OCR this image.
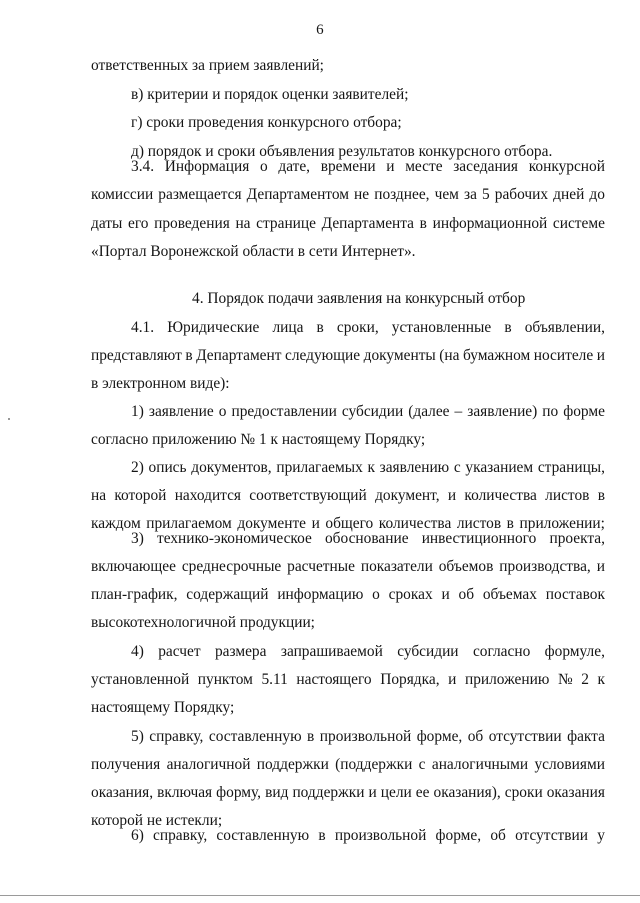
6
ответственных за прием заявлений;
в) критерии и порядок оценки заявителей;
г) сроки проведения конкурсного отбора;
д) порядок и сроки объявления результатов конкурсного отбора.
3.4. Информация о дате, времени и месте заседания конкурсной
комиссии размещается Департаментом не позднее, чем за 5 рабочих дней до
даты его проведения на странице Департамента в информационной системе
«Портал Воронежской области в сети Интернет».
4. Порядок подачи заявления на конкурсный отбор
4.1. Юридические лица в сроки, установленные в объявлении,
представляют в Департамент следующие документы (на бумажном носителе и
в электронном виде):
1) заявление о предоставлении субсидии (далее – заявление) по форме
согласно приложению № 1 к настоящему Порядку;
2) опись документов, прилагаемых к заявлению с указанием страницы,
на которой находится соответствующий документ, и количества листов в
каждом прилагаемом документе и общего количества листов в приложении;
3) технико-экономическое обоснование инвестиционного проекта,
включающее среднесрочные расчетные показатели объемов производства, и
план-график, содержащий информацию о сроках и об объемах поставок
высокотехнологичной продукции;
4) расчет размера запрашиваемой субсидии согласно формуле,
установленной пунктом 5.11 настоящего Порядка, и приложению № 2 к
настоящему Порядку;
5) справку, составленную в произвольной форме, об отсутствии факта
получения аналогичной поддержки (поддержки с аналогичными условиями
оказания, включая форму, вид поддержки и цели ее оказания), сроки оказания
которой не истекли;
6) справку, составленную в произвольной форме, об отсутствии у
